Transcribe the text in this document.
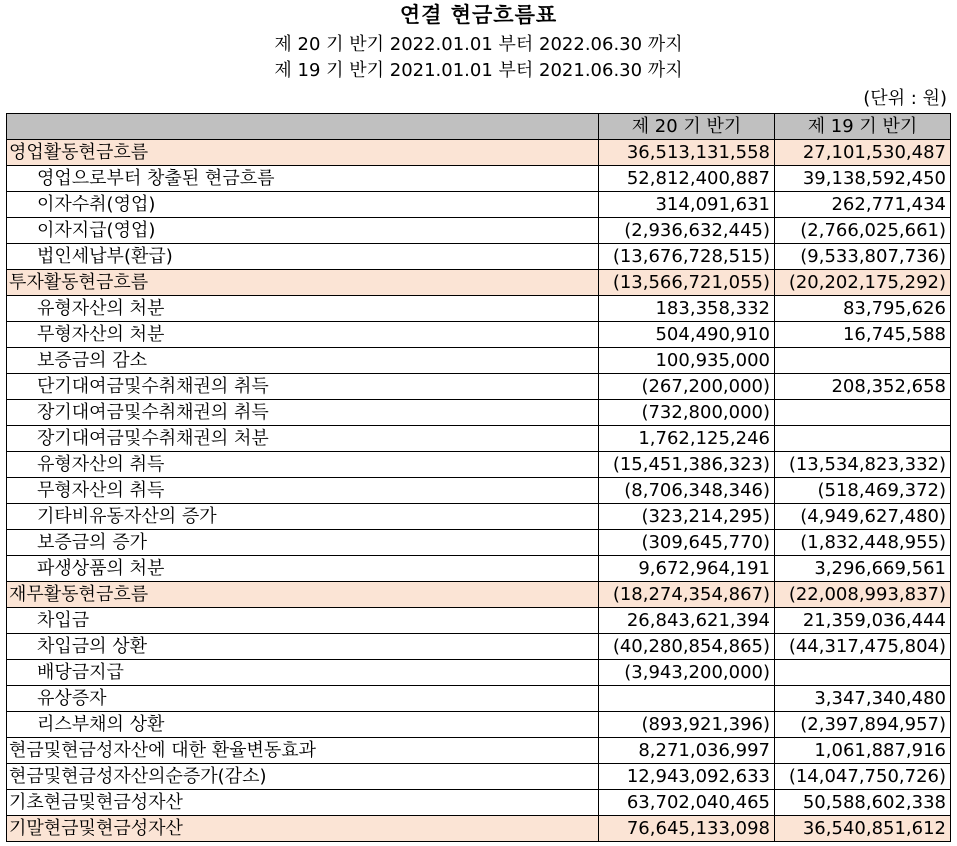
연결 현금흐름표
제 20 기 반기 2022.01.01 부터 2022.06.30 까지
제 19 기 반기 2021.01.01 부터 2021.06.30 까지
(단위 : 원)
	제 20 기 반기	제 19 기 반기
영업활동현금흐름	36,513,131,558	27,101,530,487
영업으로부터 창출된 현금흐름	52,812,400,887	39,138,592,450
이자수취(영업)	314,091,631	262,771,434
이자지급(영업)	(2,936,632,445)	(2,766,025,661)
법인세납부(환급)	(13,676,728,515)	(9,533,807,736)
투자활동현금흐름	(13,566,721,055)	(20,202,175,292)
유형자산의 처분	183,358,332	83,795,626
무형자산의 처분	504,490,910	16,745,588
보증금의 감소	100,935,000	
단기대여금및수취채권의 취득	(267,200,000)	208,352,658
장기대여금및수취채권의 취득	(732,800,000)	
장기대여금및수취채권의 처분	1,762,125,246	
유형자산의 취득	(15,451,386,323)	(13,534,823,332)
무형자산의 취득	(8,706,348,346)	(518,469,372)
기타비유동자산의 증가	(323,214,295)	(4,949,627,480)
보증금의 증가	(309,645,770)	(1,832,448,955)
파생상품의 처분	9,672,964,191	3,296,669,561
재무활동현금흐름	(18,274,354,867)	(22,008,993,837)
차입금	26,843,621,394	21,359,036,444
차입금의 상환	(40,280,854,865)	(44,317,475,804)
배당금지급	(3,943,200,000)	
유상증자		3,347,340,480
리스부채의 상환	(893,921,396)	(2,397,894,957)
현금및현금성자산에 대한 환율변동효과	8,271,036,997	1,061,887,916
현금및현금성자산의순증가(감소)	12,943,092,633	(14,047,750,726)
기초현금및현금성자산	63,702,040,465	50,588,602,338
기말현금및현금성자산	76,645,133,098	36,540,851,612
